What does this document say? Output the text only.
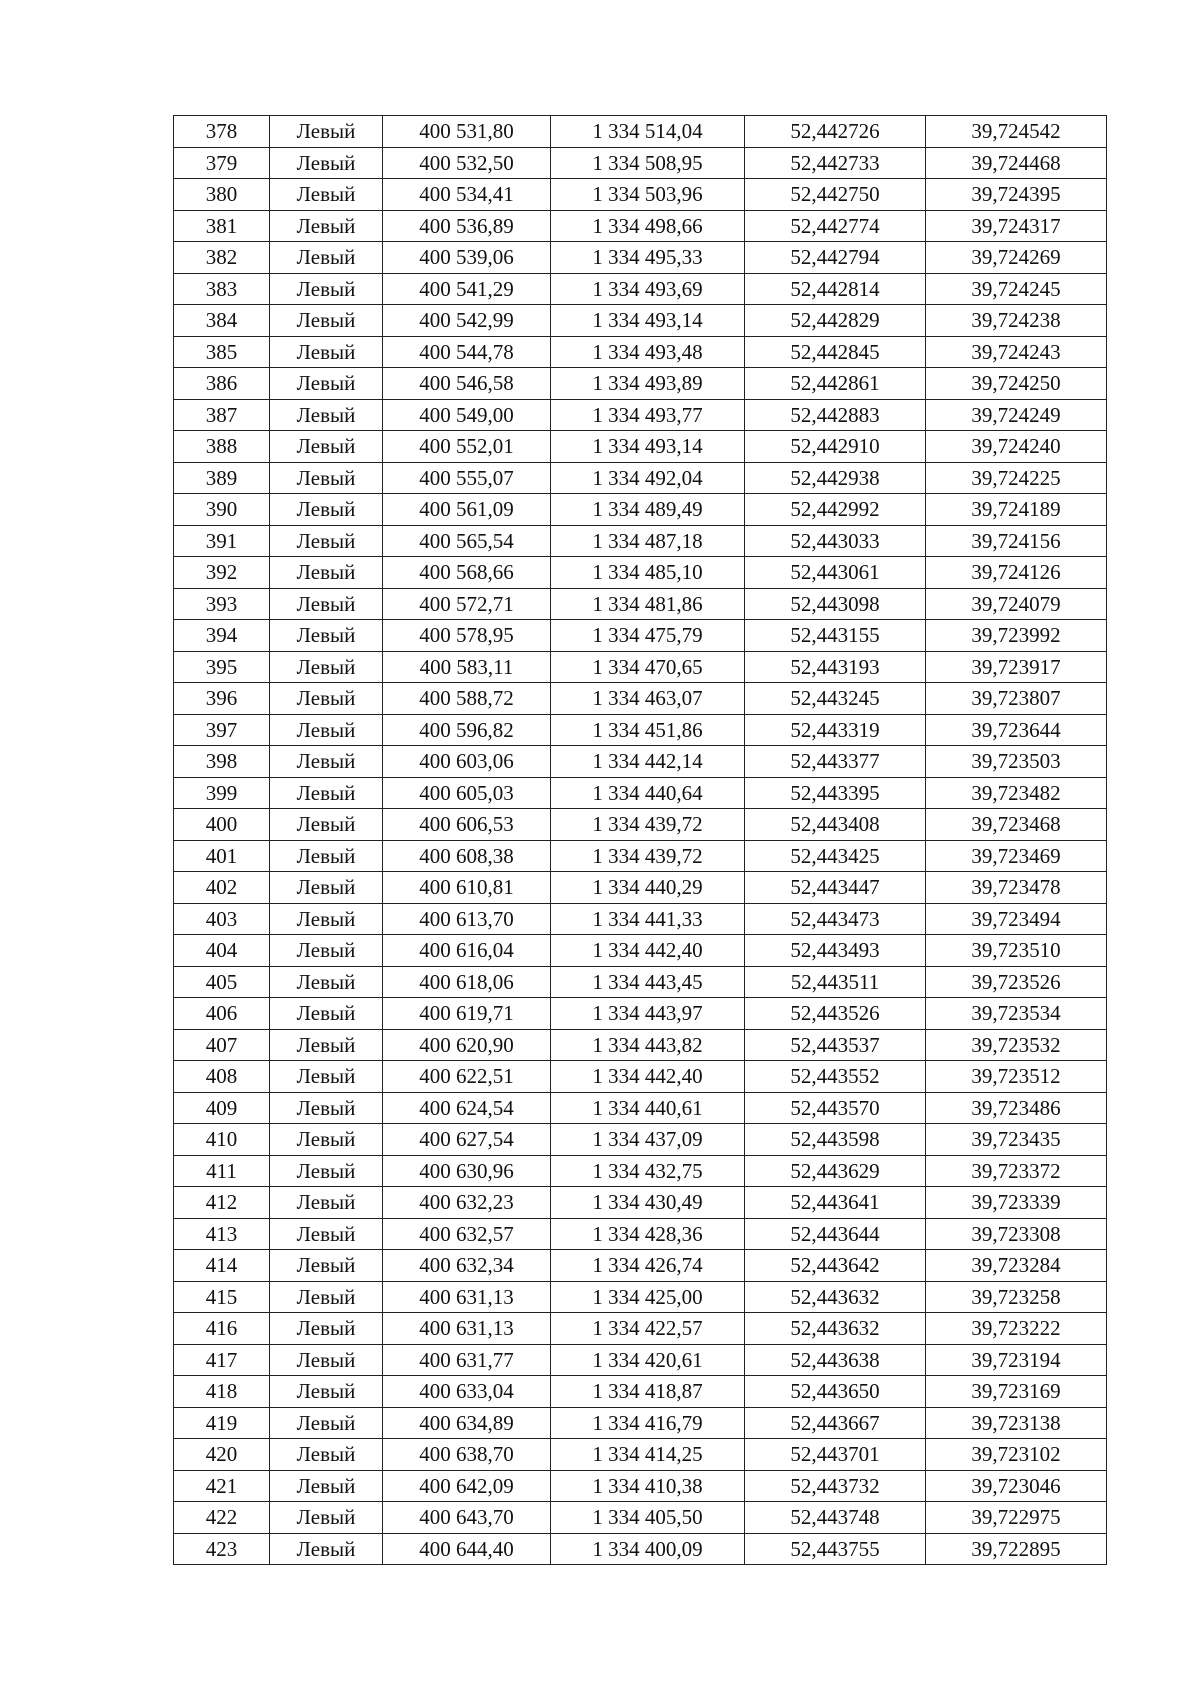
378	Левый	400 531,80	1 334 514,04	52,442726	39,724542
379	Левый	400 532,50	1 334 508,95	52,442733	39,724468
380	Левый	400 534,41	1 334 503,96	52,442750	39,724395
381	Левый	400 536,89	1 334 498,66	52,442774	39,724317
382	Левый	400 539,06	1 334 495,33	52,442794	39,724269
383	Левый	400 541,29	1 334 493,69	52,442814	39,724245
384	Левый	400 542,99	1 334 493,14	52,442829	39,724238
385	Левый	400 544,78	1 334 493,48	52,442845	39,724243
386	Левый	400 546,58	1 334 493,89	52,442861	39,724250
387	Левый	400 549,00	1 334 493,77	52,442883	39,724249
388	Левый	400 552,01	1 334 493,14	52,442910	39,724240
389	Левый	400 555,07	1 334 492,04	52,442938	39,724225
390	Левый	400 561,09	1 334 489,49	52,442992	39,724189
391	Левый	400 565,54	1 334 487,18	52,443033	39,724156
392	Левый	400 568,66	1 334 485,10	52,443061	39,724126
393	Левый	400 572,71	1 334 481,86	52,443098	39,724079
394	Левый	400 578,95	1 334 475,79	52,443155	39,723992
395	Левый	400 583,11	1 334 470,65	52,443193	39,723917
396	Левый	400 588,72	1 334 463,07	52,443245	39,723807
397	Левый	400 596,82	1 334 451,86	52,443319	39,723644
398	Левый	400 603,06	1 334 442,14	52,443377	39,723503
399	Левый	400 605,03	1 334 440,64	52,443395	39,723482
400	Левый	400 606,53	1 334 439,72	52,443408	39,723468
401	Левый	400 608,38	1 334 439,72	52,443425	39,723469
402	Левый	400 610,81	1 334 440,29	52,443447	39,723478
403	Левый	400 613,70	1 334 441,33	52,443473	39,723494
404	Левый	400 616,04	1 334 442,40	52,443493	39,723510
405	Левый	400 618,06	1 334 443,45	52,443511	39,723526
406	Левый	400 619,71	1 334 443,97	52,443526	39,723534
407	Левый	400 620,90	1 334 443,82	52,443537	39,723532
408	Левый	400 622,51	1 334 442,40	52,443552	39,723512
409	Левый	400 624,54	1 334 440,61	52,443570	39,723486
410	Левый	400 627,54	1 334 437,09	52,443598	39,723435
411	Левый	400 630,96	1 334 432,75	52,443629	39,723372
412	Левый	400 632,23	1 334 430,49	52,443641	39,723339
413	Левый	400 632,57	1 334 428,36	52,443644	39,723308
414	Левый	400 632,34	1 334 426,74	52,443642	39,723284
415	Левый	400 631,13	1 334 425,00	52,443632	39,723258
416	Левый	400 631,13	1 334 422,57	52,443632	39,723222
417	Левый	400 631,77	1 334 420,61	52,443638	39,723194
418	Левый	400 633,04	1 334 418,87	52,443650	39,723169
419	Левый	400 634,89	1 334 416,79	52,443667	39,723138
420	Левый	400 638,70	1 334 414,25	52,443701	39,723102
421	Левый	400 642,09	1 334 410,38	52,443732	39,723046
422	Левый	400 643,70	1 334 405,50	52,443748	39,722975
423	Левый	400 644,40	1 334 400,09	52,443755	39,722895
